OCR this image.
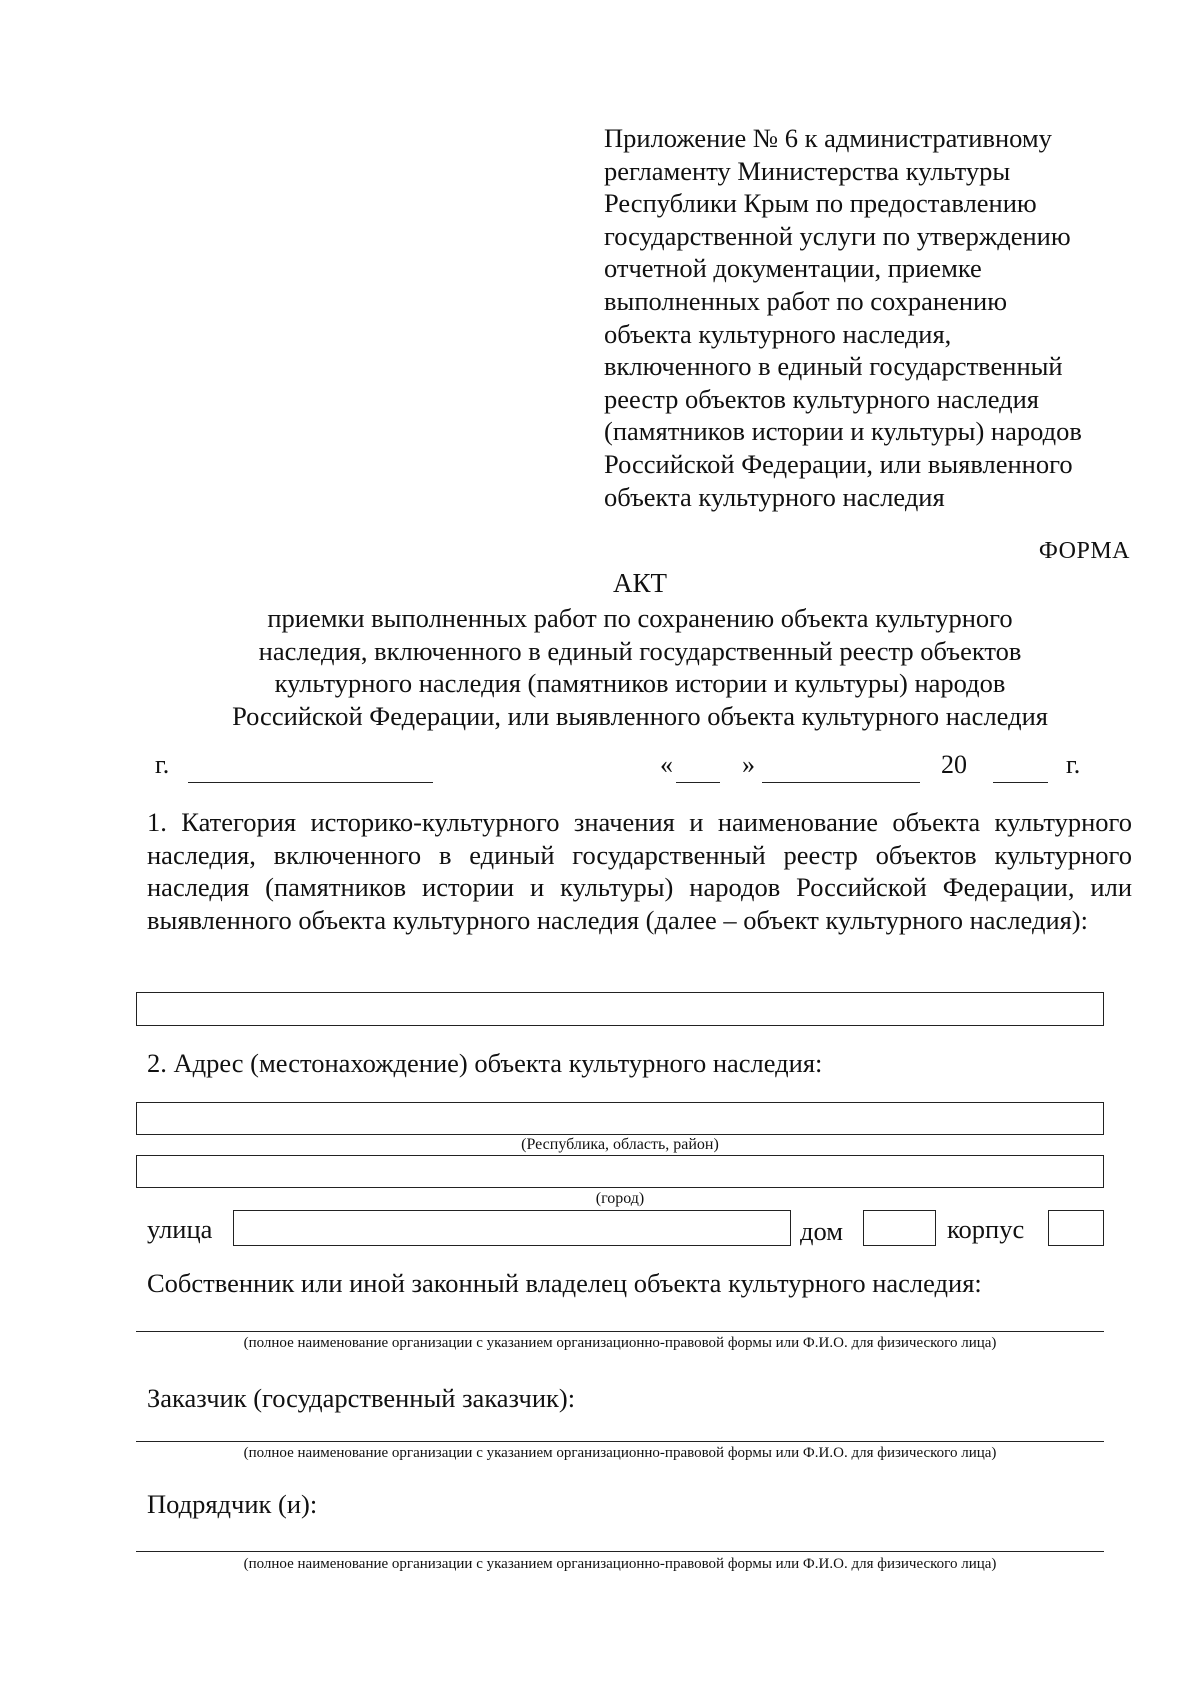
Приложение № 6 к административному
регламенту Министерства культуры
Республики Крым по предоставлению
государственной услуги по утверждению
отчетной документации, приемке
выполненных работ по сохранению
объекта культурного наследия,
включенного в единый государственный
реестр объектов культурного наследия
(памятников истории и культуры) народов
Российской Федерации, или выявленного
объекта культурного наследия
ФОРМА
АКТ
приемки выполненных работ по сохранению объекта культурного
наследия, включенного в единый государственный реестр объектов
культурного наследия (памятников истории и культуры) народов
Российской Федерации, или выявленного объекта культурного наследия
г.	«	»	20	г.
1. Категория историко-культурного значения и наименование объекта культурного наследия, включенного в единый государственный реестр объектов культурного наследия (памятников истории и культуры) народов Российской Федерации, или выявленного объекта культурного наследия (далее – объект культурного наследия):
2. Адрес (местонахождение) объекта культурного наследия:
(Республика, область, район)
(город)
улица	дом	корпус
Собственник или иной законный владелец объекта культурного наследия:
(полное наименование организации с указанием организационно-правовой формы или Ф.И.О. для физического лица)
Заказчик (государственный заказчик):
(полное наименование организации с указанием организационно-правовой формы или Ф.И.О. для физического лица)
Подрядчик (и):
(полное наименование организации с указанием организационно-правовой формы или Ф.И.О. для физического лица)
